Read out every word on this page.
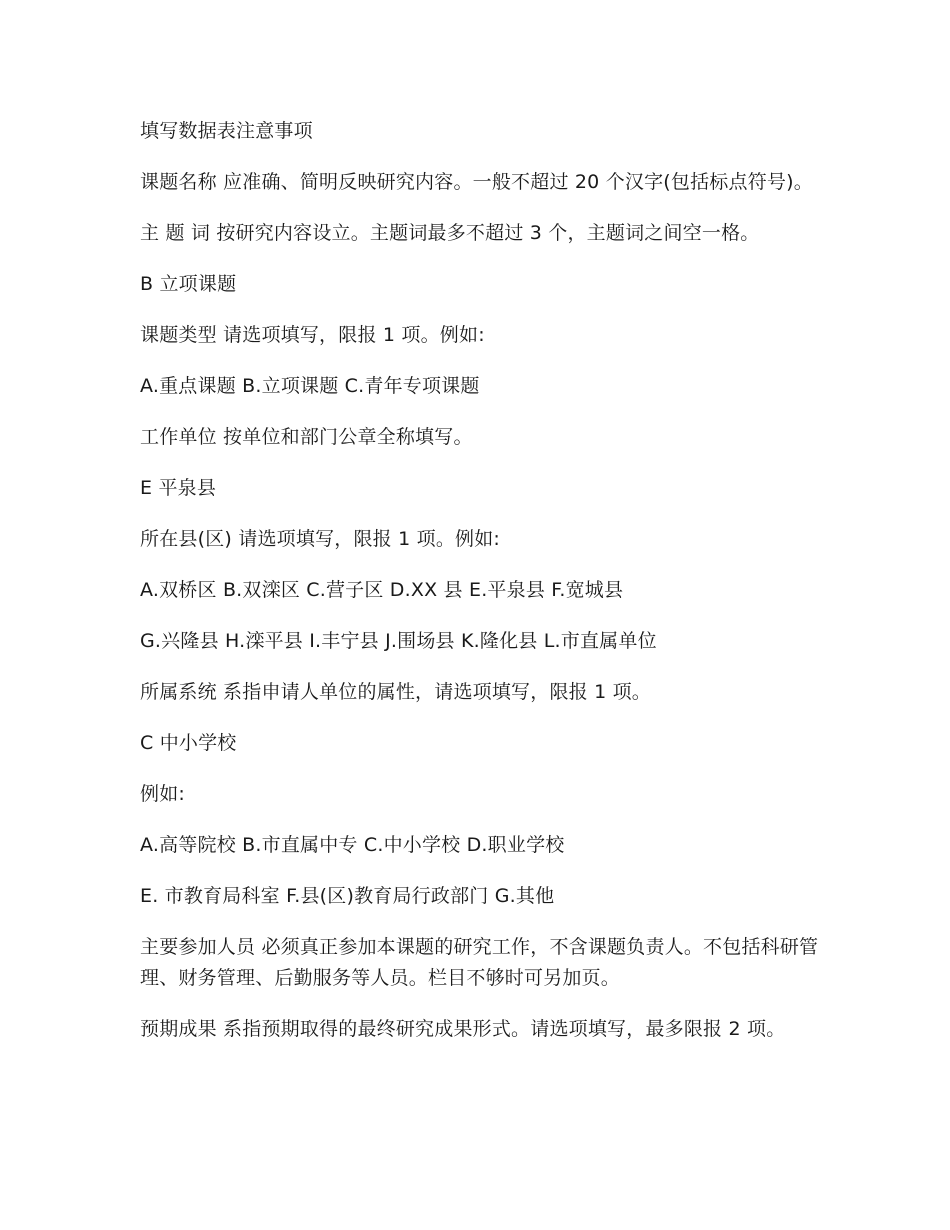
填写数据表注意事项

课题名称 应准确、简明反映研究内容。一般不超过 20 个汉字(包括标点符号)。

主 题 词 按研究内容设立。主题词最多不超过 3 个，主题词之间空一格。

B 立项课题

课题类型 请选项填写，限报 1 项。例如:

A.重点课题 B.立项课题 C.青年专项课题

工作单位 按单位和部门公章全称填写。

E 平泉县

所在县(区) 请选项填写，限报 1 项。例如:

A.双桥区 B.双滦区 C.营子区 D.XX 县 E.平泉县 F.宽城县

G.兴隆县 H.滦平县 I.丰宁县 J.围场县 K.隆化县 L.市直属单位

所属系统 系指申请人单位的属性，请选项填写，限报 1 项。

C 中小学校

例如:

A.高等院校 B.市直属中专 C.中小学校 D.职业学校

E. 市教育局科室 F.县(区)教育局行政部门 G.其他

主要参加人员 必须真正参加本课题的研究工作，不含课题负责人。不包括科研管理、财务管理、后勤服务等人员。栏目不够时可另加页。

预期成果 系指预期取得的最终研究成果形式。请选项填写，最多限报 2 项。
